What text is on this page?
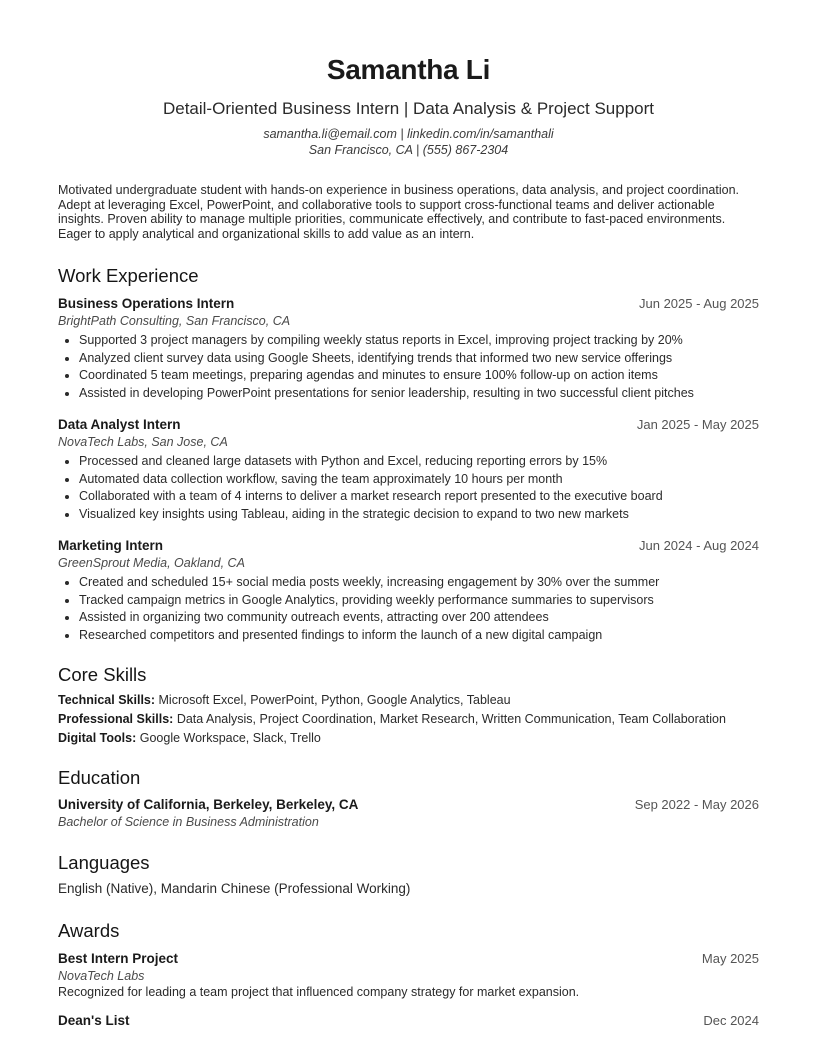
Samantha Li
Detail-Oriented Business Intern | Data Analysis & Project Support
samantha.li@email.com | linkedin.com/in/samanthali
San Francisco, CA | (555) 867-2304
Motivated undergraduate student with hands-on experience in business operations, data analysis, and project coordination. Adept at leveraging Excel, PowerPoint, and collaborative tools to support cross-functional teams and deliver actionable insights. Proven ability to manage multiple priorities, communicate effectively, and contribute to fast-paced environments. Eager to apply analytical and organizational skills to add value as an intern.
Work Experience
Business Operations Intern	Jun 2025 - Aug 2025
BrightPath Consulting, San Francisco, CA
• Supported 3 project managers by compiling weekly status reports in Excel, improving project tracking by 20%
• Analyzed client survey data using Google Sheets, identifying trends that informed two new service offerings
• Coordinated 5 team meetings, preparing agendas and minutes to ensure 100% follow-up on action items
• Assisted in developing PowerPoint presentations for senior leadership, resulting in two successful client pitches
Data Analyst Intern	Jan 2025 - May 2025
NovaTech Labs, San Jose, CA
• Processed and cleaned large datasets with Python and Excel, reducing reporting errors by 15%
• Automated data collection workflow, saving the team approximately 10 hours per month
• Collaborated with a team of 4 interns to deliver a market research report presented to the executive board
• Visualized key insights using Tableau, aiding in the strategic decision to expand to two new markets
Marketing Intern	Jun 2024 - Aug 2024
GreenSprout Media, Oakland, CA
• Created and scheduled 15+ social media posts weekly, increasing engagement by 30% over the summer
• Tracked campaign metrics in Google Analytics, providing weekly performance summaries to supervisors
• Assisted in organizing two community outreach events, attracting over 200 attendees
• Researched competitors and presented findings to inform the launch of a new digital campaign
Core Skills
Technical Skills: Microsoft Excel, PowerPoint, Python, Google Analytics, Tableau
Professional Skills: Data Analysis, Project Coordination, Market Research, Written Communication, Team Collaboration
Digital Tools: Google Workspace, Slack, Trello
Education
University of California, Berkeley, Berkeley, CA	Sep 2022 - May 2026
Bachelor of Science in Business Administration
Languages
English (Native), Mandarin Chinese (Professional Working)
Awards
Best Intern Project	May 2025
NovaTech Labs
Recognized for leading a team project that influenced company strategy for market expansion.
Dean's List	Dec 2024
